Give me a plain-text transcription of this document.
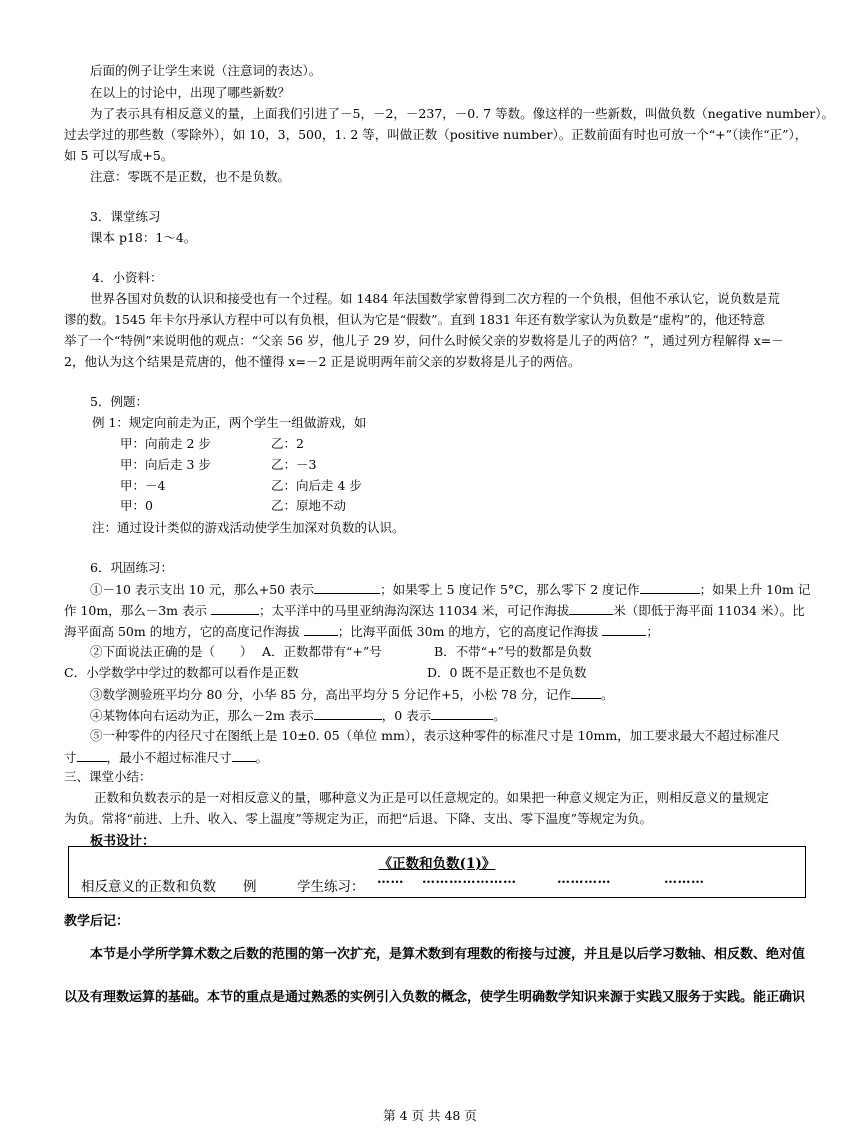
后面的例子让学生来说（注意词的表达）。
在以上的讨论中，出现了哪些新数？
为了表示具有相反意义的量，上面我们引进了－5，－2，－237，－0. 7 等数。像这样的一些新数，叫做负数（negative number）。
过去学过的那些数（零除外），如 10，3，500，1. 2 等，叫做正数（positive number）。正数前面有时也可放一个“+”（读作“正”），
如 5 可以写成+5。
注意：零既不是正数，也不是负数。
3．课堂练习
课本 p18：1～4。
4．小资料：
世界各国对负数的认识和接受也有一个过程。如 1484 年法国数学家曾得到二次方程的一个负根，但他不承认它，说负数是荒
谬的数。1545 年卡尔丹承认方程中可以有负根，但认为它是“假数”。直到 1831 年还有数学家认为负数是“虚构”的，他还特意
举了一个“特例”来说明他的观点：“父亲 56 岁，他儿子 29 岁，问什么时候父亲的岁数将是儿子的两倍？”，通过列方程解得 x=－
2，他认为这个结果是荒唐的，他不懂得 x=－2 正是说明两年前父亲的岁数将是儿子的两倍。
5．例题：
例 1：规定向前走为正，两个学生一组做游戏，如
甲：向前走 2 步	乙：2
甲：向后走 3 步	乙：－3
甲：－4	乙：向后走 4 步
甲：0	乙：原地不动
注：通过设计类似的游戏活动使学生加深对负数的认识。
6．巩固练习：
①－10 表示支出 10 元，那么+50 表示	；如果零上 5 度记作 5°C，那么零下 2 度记作	；如果上升 10m 记
作 10m，那么－3m 表示	；太平洋中的马里亚纳海沟深达 11034 米，可记作海拔	米（即低于海平面 11034 米）。比
海平面高 50m 的地方，它的高度记作海拔	；比海平面低 30m 的地方，它的高度记作海拔	；
②下面说法正确的是（　　） A．正数都带有“+”号	B．不带“+”号的数都是负数
C．小学数学中学过的数都可以看作是正数	D．0 既不是正数也不是负数
③数学测验班平均分 80 分，小华 85 分，高出平均分 5 分记作+5，小松 78 分，记作 。
④某物体向右运动为正，那么－2m 表示	，0 表示	。
⑤一种零件的内径尺寸在图纸上是 10±0. 05（单位 mm），表示这种零件的标准尺寸是 10mm，加工要求最大不超过标准尺
寸 ，最小不超过标准尺寸 。
三、课堂小结：
正数和负数表示的是一对相反意义的量，哪种意义为正是可以任意规定的。如果把一种意义规定为正，则相反意义的量规定
为负。常将“前进、上升、收入、零上温度”等规定为正，而把“后退、下降、支出、零下温度”等规定为负。
板书设计：
《正数和负数(1)》
相反意义的正数和负数　　例　　　学生练习： …… …………………	…………	………
教学后记：
本节是小学所学算术数之后数的范围的第一次扩充，是算术数到有理数的衔接与过渡，并且是以后学习数轴、相反数、绝对值
以及有理数运算的基础。本节的重点是通过熟悉的实例引入负数的概念，使学生明确数学知识来源于实践又服务于实践。能正确识
第 4 页 共 48 页
